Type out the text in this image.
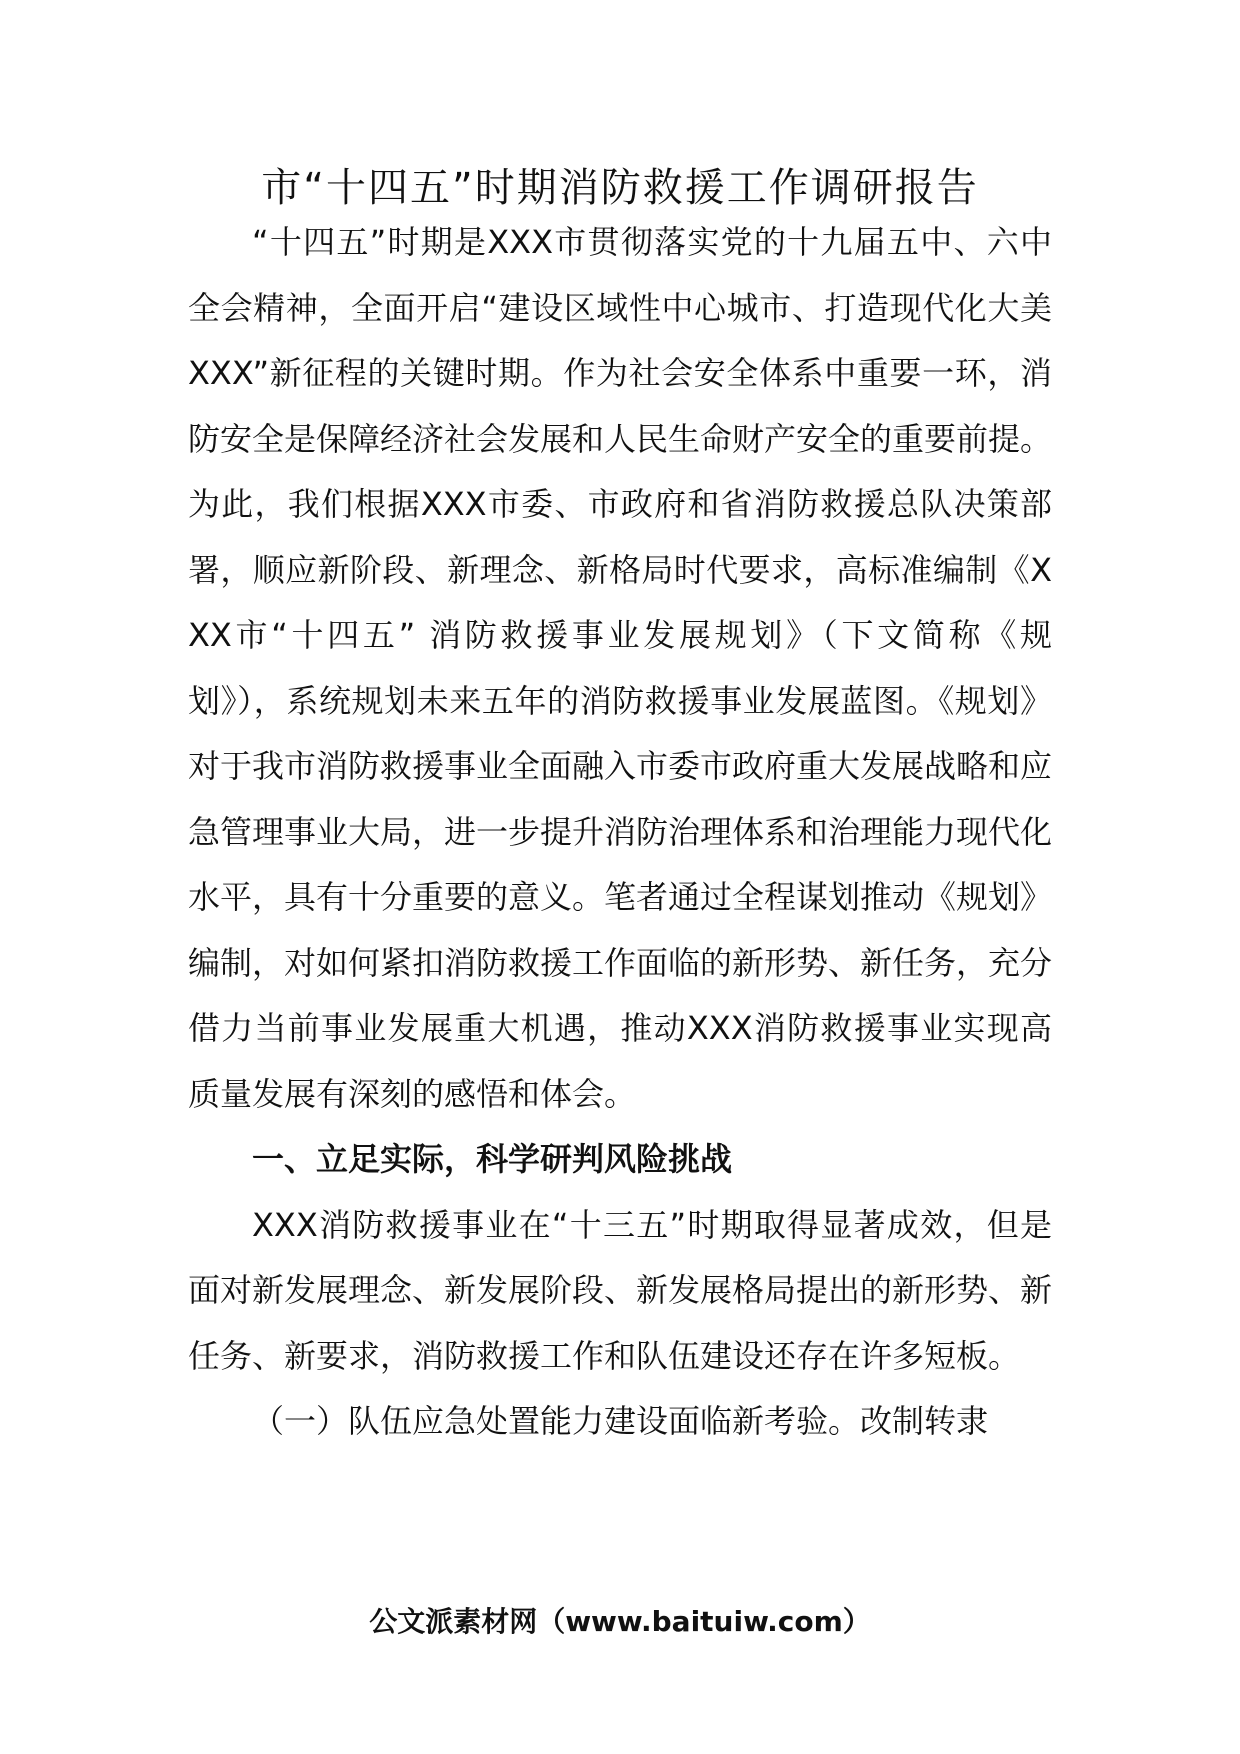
市“十四五”时期消防救援工作调研报告

“十四五”时期是XXX市贯彻落实党的十九届五中、六中全会精神，全面开启“建设区域性中心城市、打造现代化大美XXX”新征程的关键时期。作为社会安全体系中重要一环，消防安全是保障经济社会发展和人民生命财产安全的重要前提。为此，我们根据XXX市委、市政府和省消防救援总队决策部署，顺应新阶段、新理念、新格局时代要求，高标准编制《XXX市“十四五” 消防救援事业发展规划》（下文简称《规划》），系统规划未来五年的消防救援事业发展蓝图。《规划》对于我市消防救援事业全面融入市委市政府重大发展战略和应急管理事业大局，进一步提升消防治理体系和治理能力现代化水平，具有十分重要的意义。笔者通过全程谋划推动《规划》编制，对如何紧扣消防救援工作面临的新形势、新任务，充分借力当前事业发展重大机遇，推动XXX消防救援事业实现高质量发展有深刻的感悟和体会。

一、立足实际，科学研判风险挑战

XXX消防救援事业在“十三五”时期取得显著成效，但是面对新发展理念、新发展阶段、新发展格局提出的新形势、新任务、新要求，消防救援工作和队伍建设还存在许多短板。

（一）队伍应急处置能力建设面临新考验。改制转隶

公文派素材网（www.baituiw.com）
